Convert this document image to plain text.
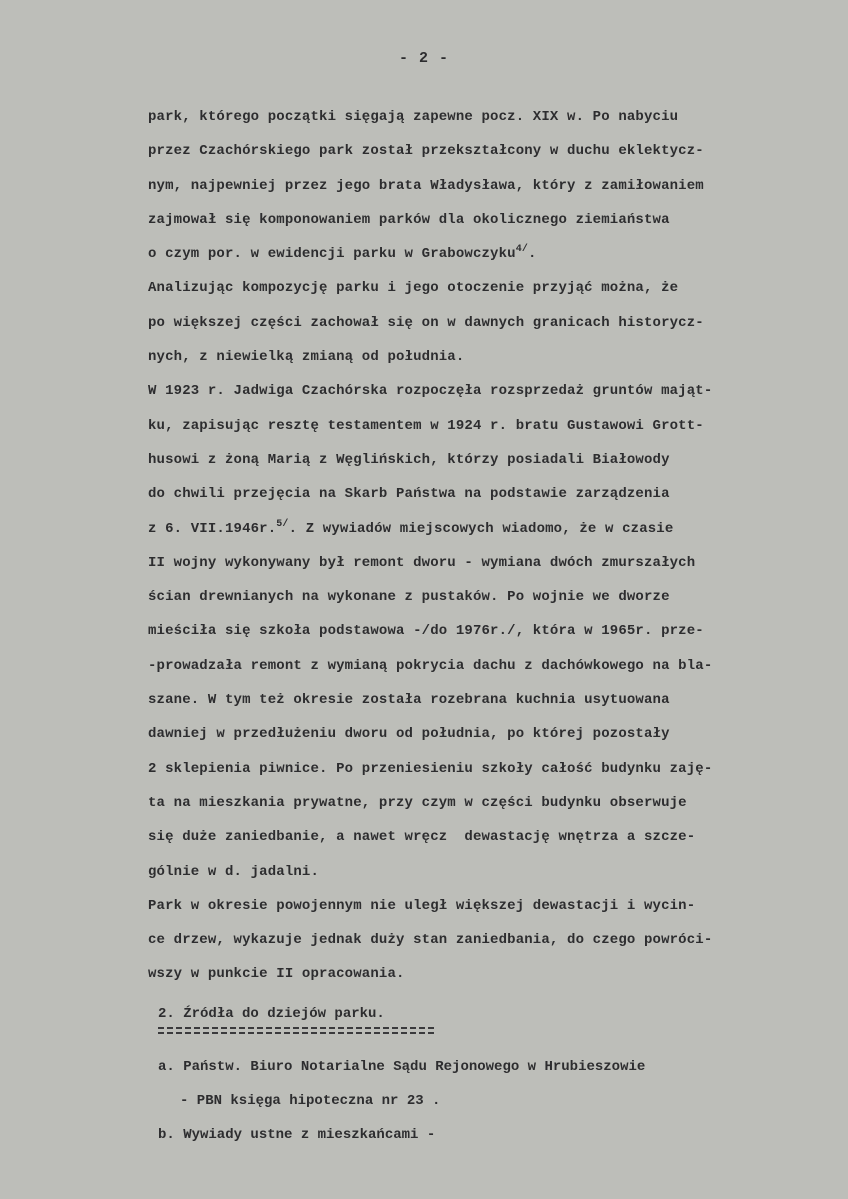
- 2 -
park, którego początki sięgają zapewne pocz. XIX w. Po nabyciu
przez Czachórskiego park został przekształcony w duchu eklektycz-
nym, najpewniej przez jego brata Władysława, który z zamiłowaniem
zajmował się komponowaniem parków dla okolicznego ziemiaństwa
o czym por. w ewidencji parku w Grabowczyku$^{4/}$.
Analizując kompozycję parku i jego otoczenie przyjąć można, że
po większej części zachował się on w dawnych granicach historycz-
nych, z niewielką zmianą od południa.
W 1923 r. Jadwiga Czachórska rozpoczęła rozsprzedaż gruntów mająt-
ku, zapisując resztę testamentem w 1924 r. bratu Gustawowi Grott-
husowi z żoną Marią z Węglińskich, którzy posiadali Białowody
do chwili przejęcia na Skarb Państwa na podstawie zarządzenia
z 6. VII.1946r.$^{5/}$. Z wywiadów miejscowych wiadomo, że w czasie
II wojny wykonywany był remont dworu - wymiana dwóch zmurszałych
ścian drewnianych na wykonane z pustaków. Po wojnie we dworze
mieściła się szkoła podstawowa -/do 1976r./, która w 1965r. prze-
-prowadzała remont z wymianą pokrycia dachu z dachówkowego na bla-
szane. W tym też okresie została rozebrana kuchnia usytuowana
dawniej w przedłużeniu dworu od południa, po której pozostały
2 sklepienia piwnice. Po przeniesieniu szkoły całość budynku zaję-
ta na mieszkania prywatne, przy czym w części budynku obserwuje
się duże zaniedbanie, a nawet wręcz  dewastację wnętrza a szcze-
gólnie w d. jadalni.
Park w okresie powojennym nie uległ większej dewastacji i wycin-
ce drzew, wykazuje jednak duży stan zaniedbania, do czego powróci-
wszy w punkcie II opracowania.
2. Źródła do dziejów parku.
a. Państw. Biuro Notarialne Sądu Rejonowego w Hrubieszowie
- PBN księga hipoteczna nr 23 .
b. Wywiady ustne z mieszkańcami -
